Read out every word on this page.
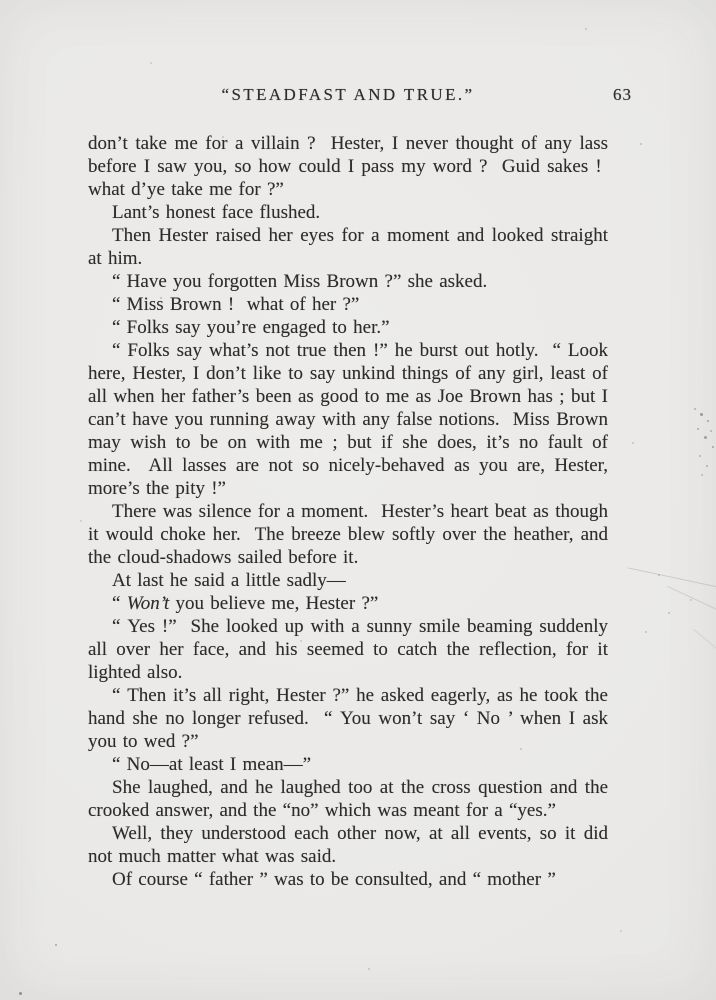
“STEADFAST AND TRUE.”	63

don’t take me for a villain ?  Hester, I never thought of any lass before I saw you, so how could I pass my word ?  Guid sakes !  what d’ye take me for ?”

Lant’s honest face flushed.

Then Hester raised her eyes for a moment and looked straight at him.

“ Have you forgotten Miss Brown ?” she asked.

“ Miss Brown !  what of her ?”

“ Folks say you’re engaged to her.”

“ Folks say what’s not true then !” he burst out hotly.  “ Look here, Hester, I don’t like to say unkind things of any girl, least of all when her father’s been as good to me as Joe Brown has ; but I can’t have you running away with any false notions.  Miss Brown may wish to be on with me ; but if she does, it’s no fault of mine.  All lasses are not so nicely-behaved as you are, Hester, more’s the pity !”

There was silence for a moment.  Hester’s heart beat as though it would choke her.  The breeze blew softly over the heather, and the cloud-shadows sailed before it.

At last he said a little sadly—

“ Won’t you believe me, Hester ?”

“ Yes !”  She looked up with a sunny smile beaming suddenly all over her face, and his seemed to catch the reflection, for it lighted also.

“ Then it’s all right, Hester ?” he asked eagerly, as he took the hand she no longer refused.  “ You won’t say ‘ No ’ when I ask you to wed ?”

“ No—at least I mean—”

She laughed, and he laughed too at the cross question and the crooked answer, and the “no” which was meant for a “yes.”

Well, they understood each other now, at all events, so it did not much matter what was said.

Of course “ father ” was to be consulted, and “ mother ”
